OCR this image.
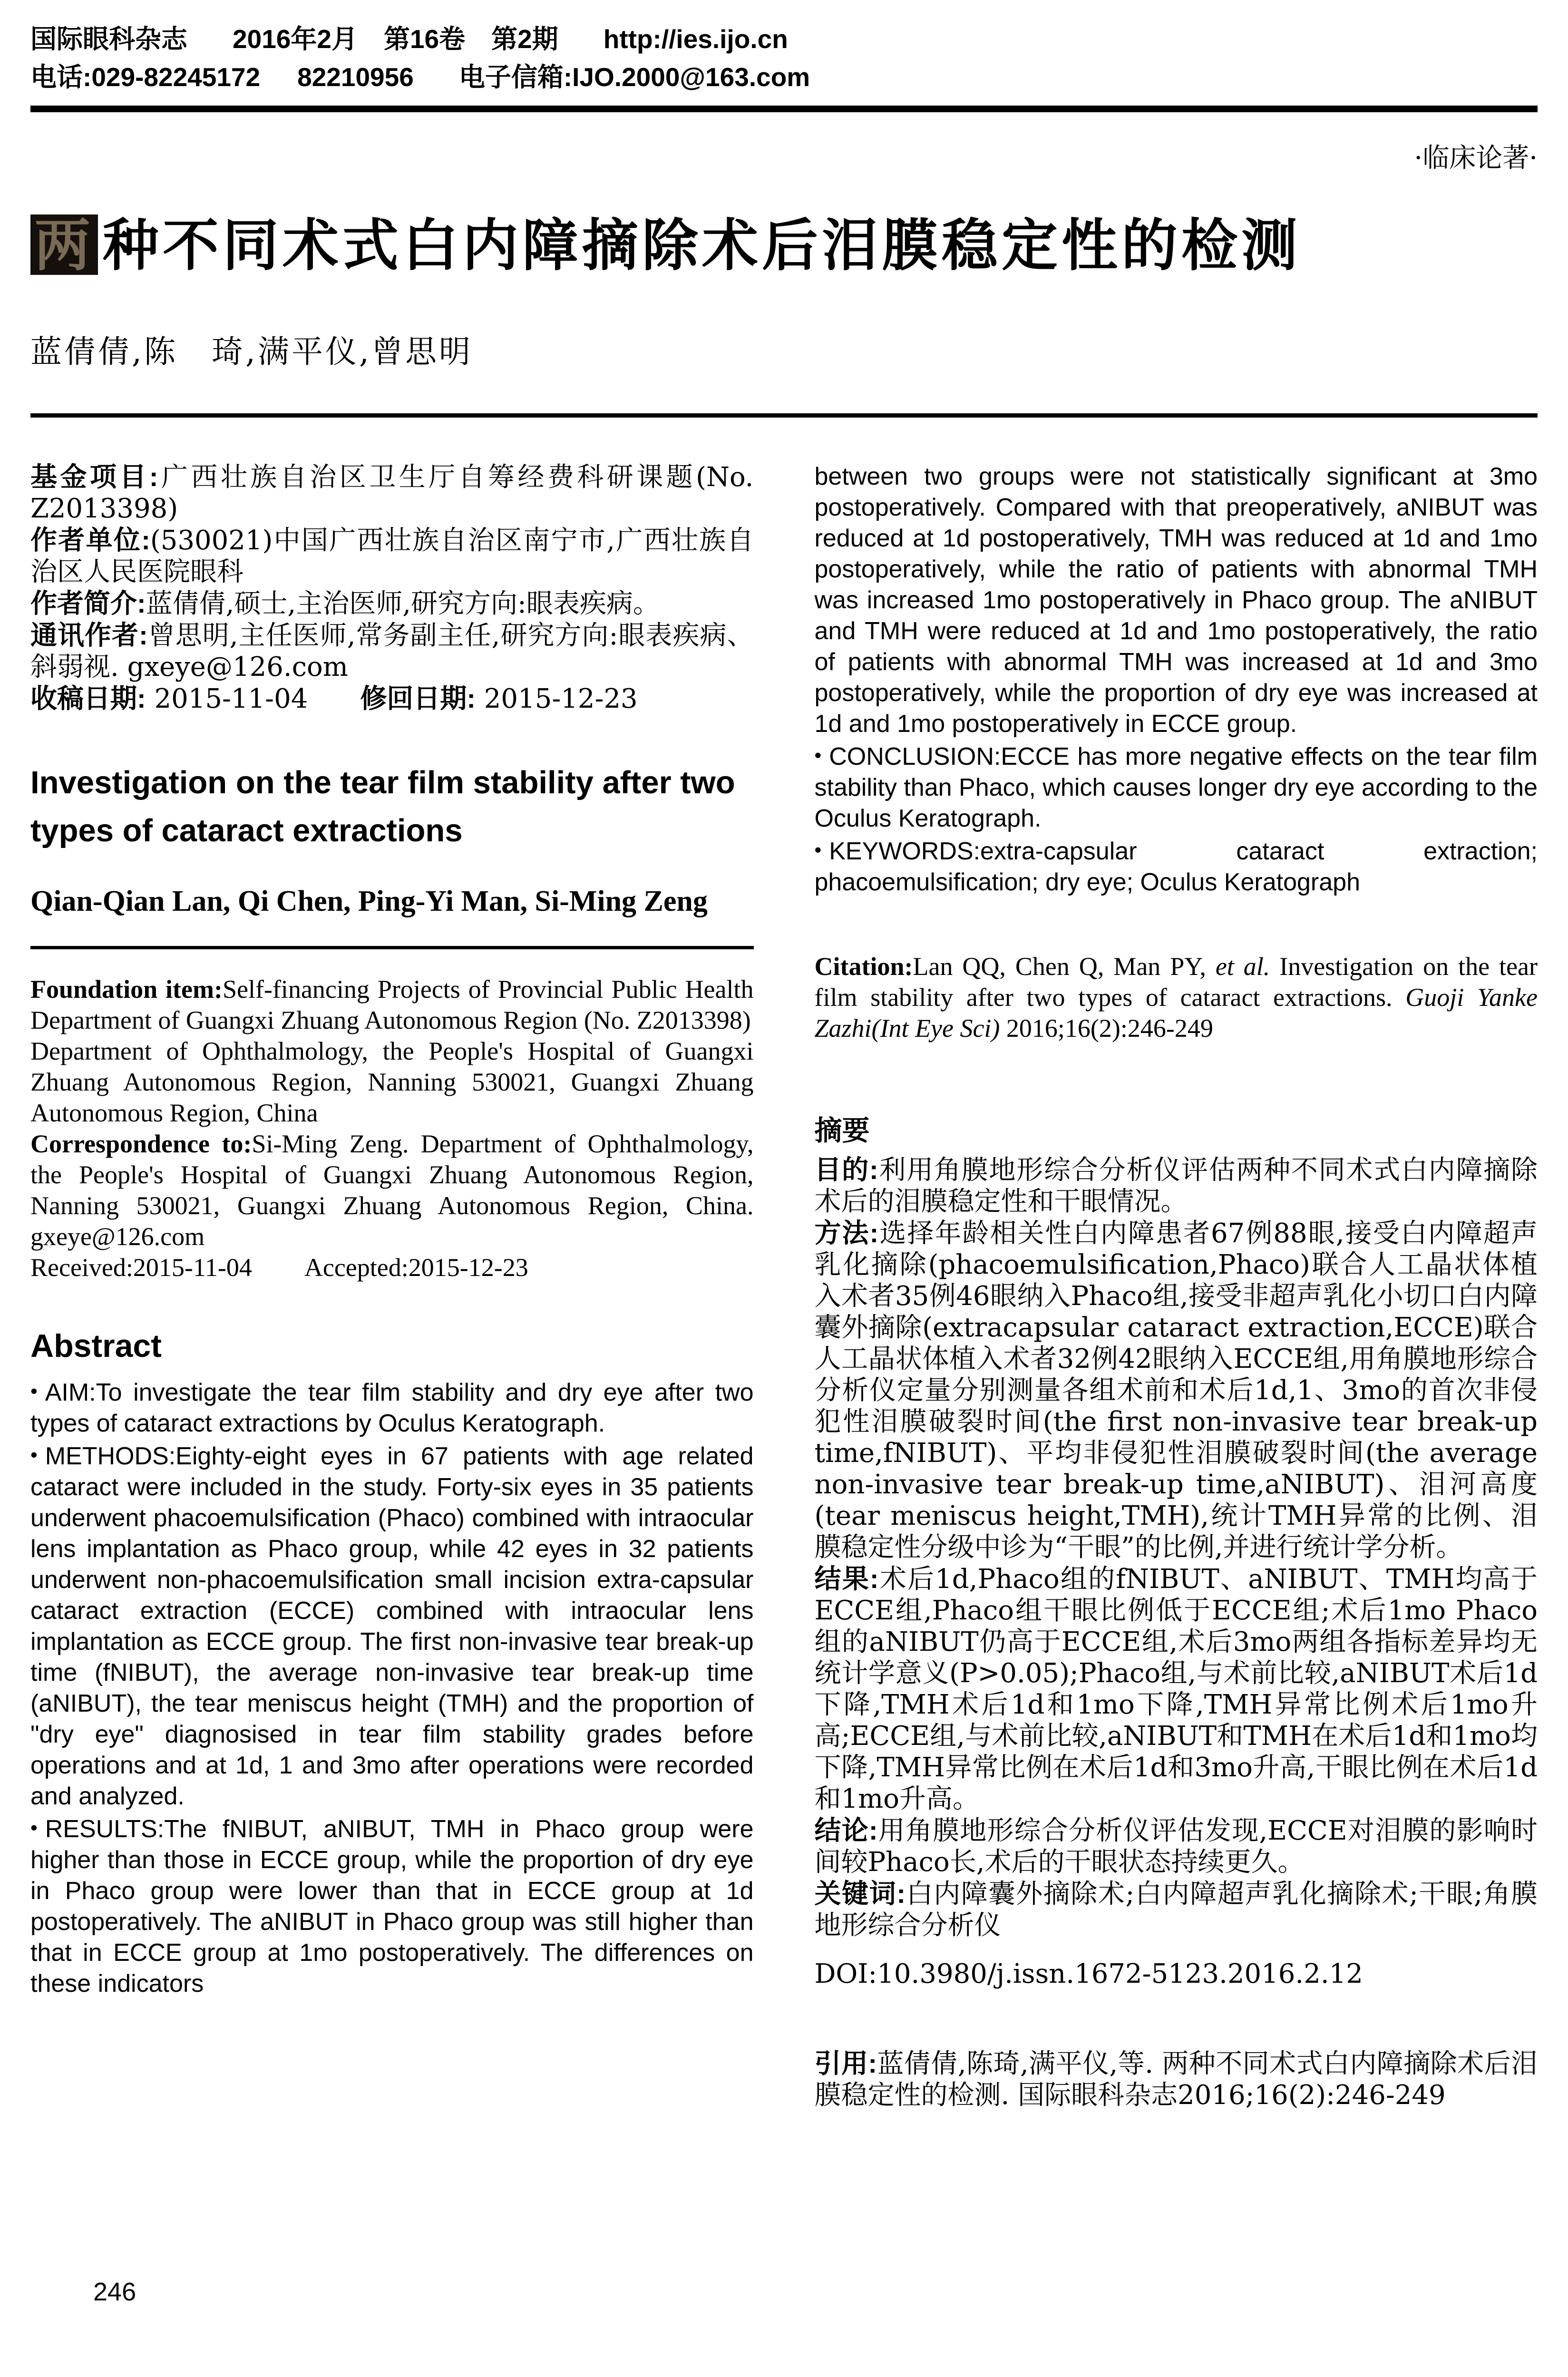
国际眼科杂志 2016年2月　第16卷　第2期 http://ies.ijo.cn
电话:029-82245172 82210956 电子信箱:IJO.2000@163.com
·临床论著·
两 种不同术式白内障摘除术后泪膜稳定性的检测
蓝倩倩,陈　琦,满平仪,曾思明

基金项目:广西壮族自治区卫生厅自筹经费科研课题(No. Z2013398)

作者单位:(530021)中国广西壮族自治区南宁市,广西壮族自治区人民医院眼科

作者简介:蓝倩倩,硕士,主治医师,研究方向:眼表疾病。

通讯作者:曾思明,主任医师,常务副主任,研究方向:眼表疾病、斜弱视. gxeye@126.com

收稿日期: 2015-11-04 修回日期: 2015-12-23

Investigation on the tear film stability after two types of cataract extractions

Qian-Qian Lan, Qi Chen, Ping-Yi Man, Si-Ming Zeng

Foundation item:Self-financing Projects of Provincial Public Health Department of Guangxi Zhuang Autonomous Region (No. Z2013398)

Department of Ophthalmology, the People's Hospital of Guangxi Zhuang Autonomous Region, Nanning 530021, Guangxi Zhuang Autonomous Region, China

Correspondence to:Si-Ming Zeng. Department of Ophthalmology, the People's Hospital of Guangxi Zhuang Autonomous Region, Nanning 530021, Guangxi Zhuang Autonomous Region, China. gxeye@126.com

Received:2015-11-04 Accepted:2015-12-23

Abstract

• AIM:To investigate the tear film stability and dry eye after two types of cataract extractions by Oculus Keratograph.

• METHODS:Eighty-eight eyes in 67 patients with age related cataract were included in the study. Forty-six eyes in 35 patients underwent phacoemulsification (Phaco) combined with intraocular lens implantation as Phaco group, while 42 eyes in 32 patients underwent non-phacoemulsification small incision extra-capsular cataract extraction (ECCE) combined with intraocular lens implantation as ECCE group. The first non-invasive tear break-up time (fNIBUT), the average non-invasive tear break-up time (aNIBUT), the tear meniscus height (TMH) and the proportion of "dry eye" diagnosised in tear film stability grades before operations and at 1d, 1 and 3mo after operations were recorded and analyzed.

• RESULTS:The fNIBUT, aNIBUT, TMH in Phaco group were higher than those in ECCE group, while the proportion of dry eye in Phaco group were lower than that in ECCE group at 1d postoperatively. The aNIBUT in Phaco group was still higher than that in ECCE group at 1mo postoperatively. The differences on these indicators

between two groups were not statistically significant at 3mo postoperatively. Compared with that preoperatively, aNIBUT was reduced at 1d postoperatively, TMH was reduced at 1d and 1mo postoperatively, while the ratio of patients with abnormal TMH was increased 1mo postoperatively in Phaco group. The aNIBUT and TMH were reduced at 1d and 1mo postoperatively, the ratio of patients with abnormal TMH was increased at 1d and 3mo postoperatively, while the proportion of dry eye was increased at 1d and 1mo postoperatively in ECCE group.

• CONCLUSION:ECCE has more negative effects on the tear film stability than Phaco, which causes longer dry eye according to the Oculus Keratograph.

• KEYWORDS:extra-capsular cataract extraction; phacoemulsification; dry eye; Oculus Keratograph

Citation:Lan QQ, Chen Q, Man PY, et al. Investigation on the tear film stability after two types of cataract extractions. Guoji Yanke Zazhi(Int Eye Sci) 2016;16(2):246-249

摘要

目的:利用角膜地形综合分析仪评估两种不同术式白内障摘除术后的泪膜稳定性和干眼情况。

方法:选择年龄相关性白内障患者67例88眼,接受白内障超声乳化摘除(phacoemulsification,Phaco)联合人工晶状体植入术者35例46眼纳入Phaco组,接受非超声乳化小切口白内障囊外摘除(extracapsular cataract extraction,ECCE)联合人工晶状体植入术者32例42眼纳入ECCE组,用角膜地形综合分析仪定量分别测量各组术前和术后1d,1、3mo的首次非侵犯性泪膜破裂时间(the first non-invasive tear break-up time,fNIBUT)、平均非侵犯性泪膜破裂时间(the average non-invasive tear break-up time,aNIBUT)、泪河高度(tear meniscus height,TMH),统计TMH异常的比例、泪膜稳定性分级中诊为“干眼”的比例,并进行统计学分析。

结果:术后1d,Phaco组的fNIBUT、aNIBUT、TMH均高于ECCE组,Phaco组干眼比例低于ECCE组;术后1mo Phaco组的aNIBUT仍高于ECCE组,术后3mo两组各指标差异均无统计学意义(P>0.05);Phaco组,与术前比较,aNIBUT术后1d下降,TMH术后1d和1mo下降,TMH异常比例术后1mo升高;ECCE组,与术前比较,aNIBUT和TMH在术后1d和1mo均下降,TMH异常比例在术后1d和3mo升高,干眼比例在术后1d和1mo升高。

结论:用角膜地形综合分析仪评估发现,ECCE对泪膜的影响时间较Phaco长,术后的干眼状态持续更久。

关键词:白内障囊外摘除术;白内障超声乳化摘除术;干眼;角膜地形综合分析仪

DOI:10.3980/j.issn.1672-5123.2016.2.12

引用:蓝倩倩,陈琦,满平仪,等. 两种不同术式白内障摘除术后泪膜稳定性的检测. 国际眼科杂志2016;16(2):246-249

246
